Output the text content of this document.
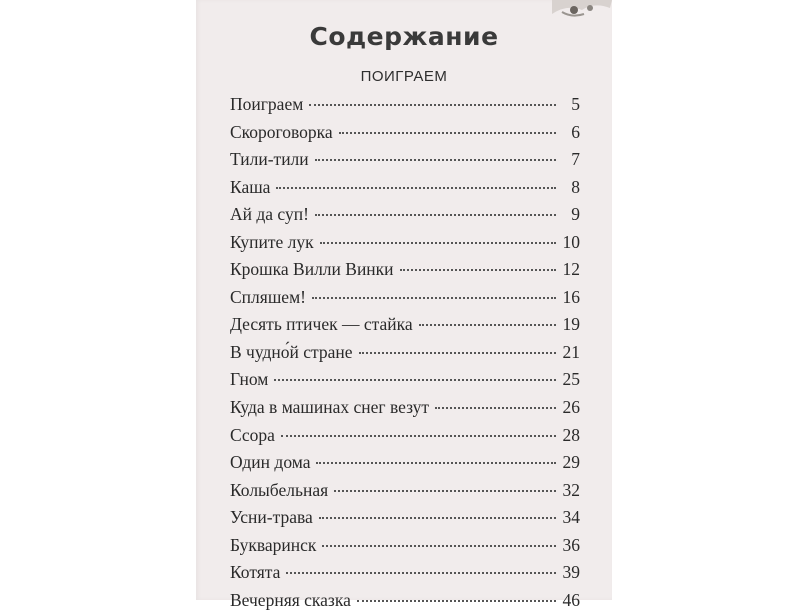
Содержание
ПОИГРАЕМ
Поиграем	5
Скороговорка	6
Тили-тили	7
Каша	8
Ай да суп!	9
Купите лук	10
Крошка Вилли Винки	12
Спляшем!	16
Десять птичек — стайка	19
В чудно́й стране	21
Гном	25
Куда в машинах снег везут	26
Ссора	28
Один дома	29
Колыбельная	32
Усни-трава	34
Букваринск	36
Котята	39
Вечерняя сказка	46
